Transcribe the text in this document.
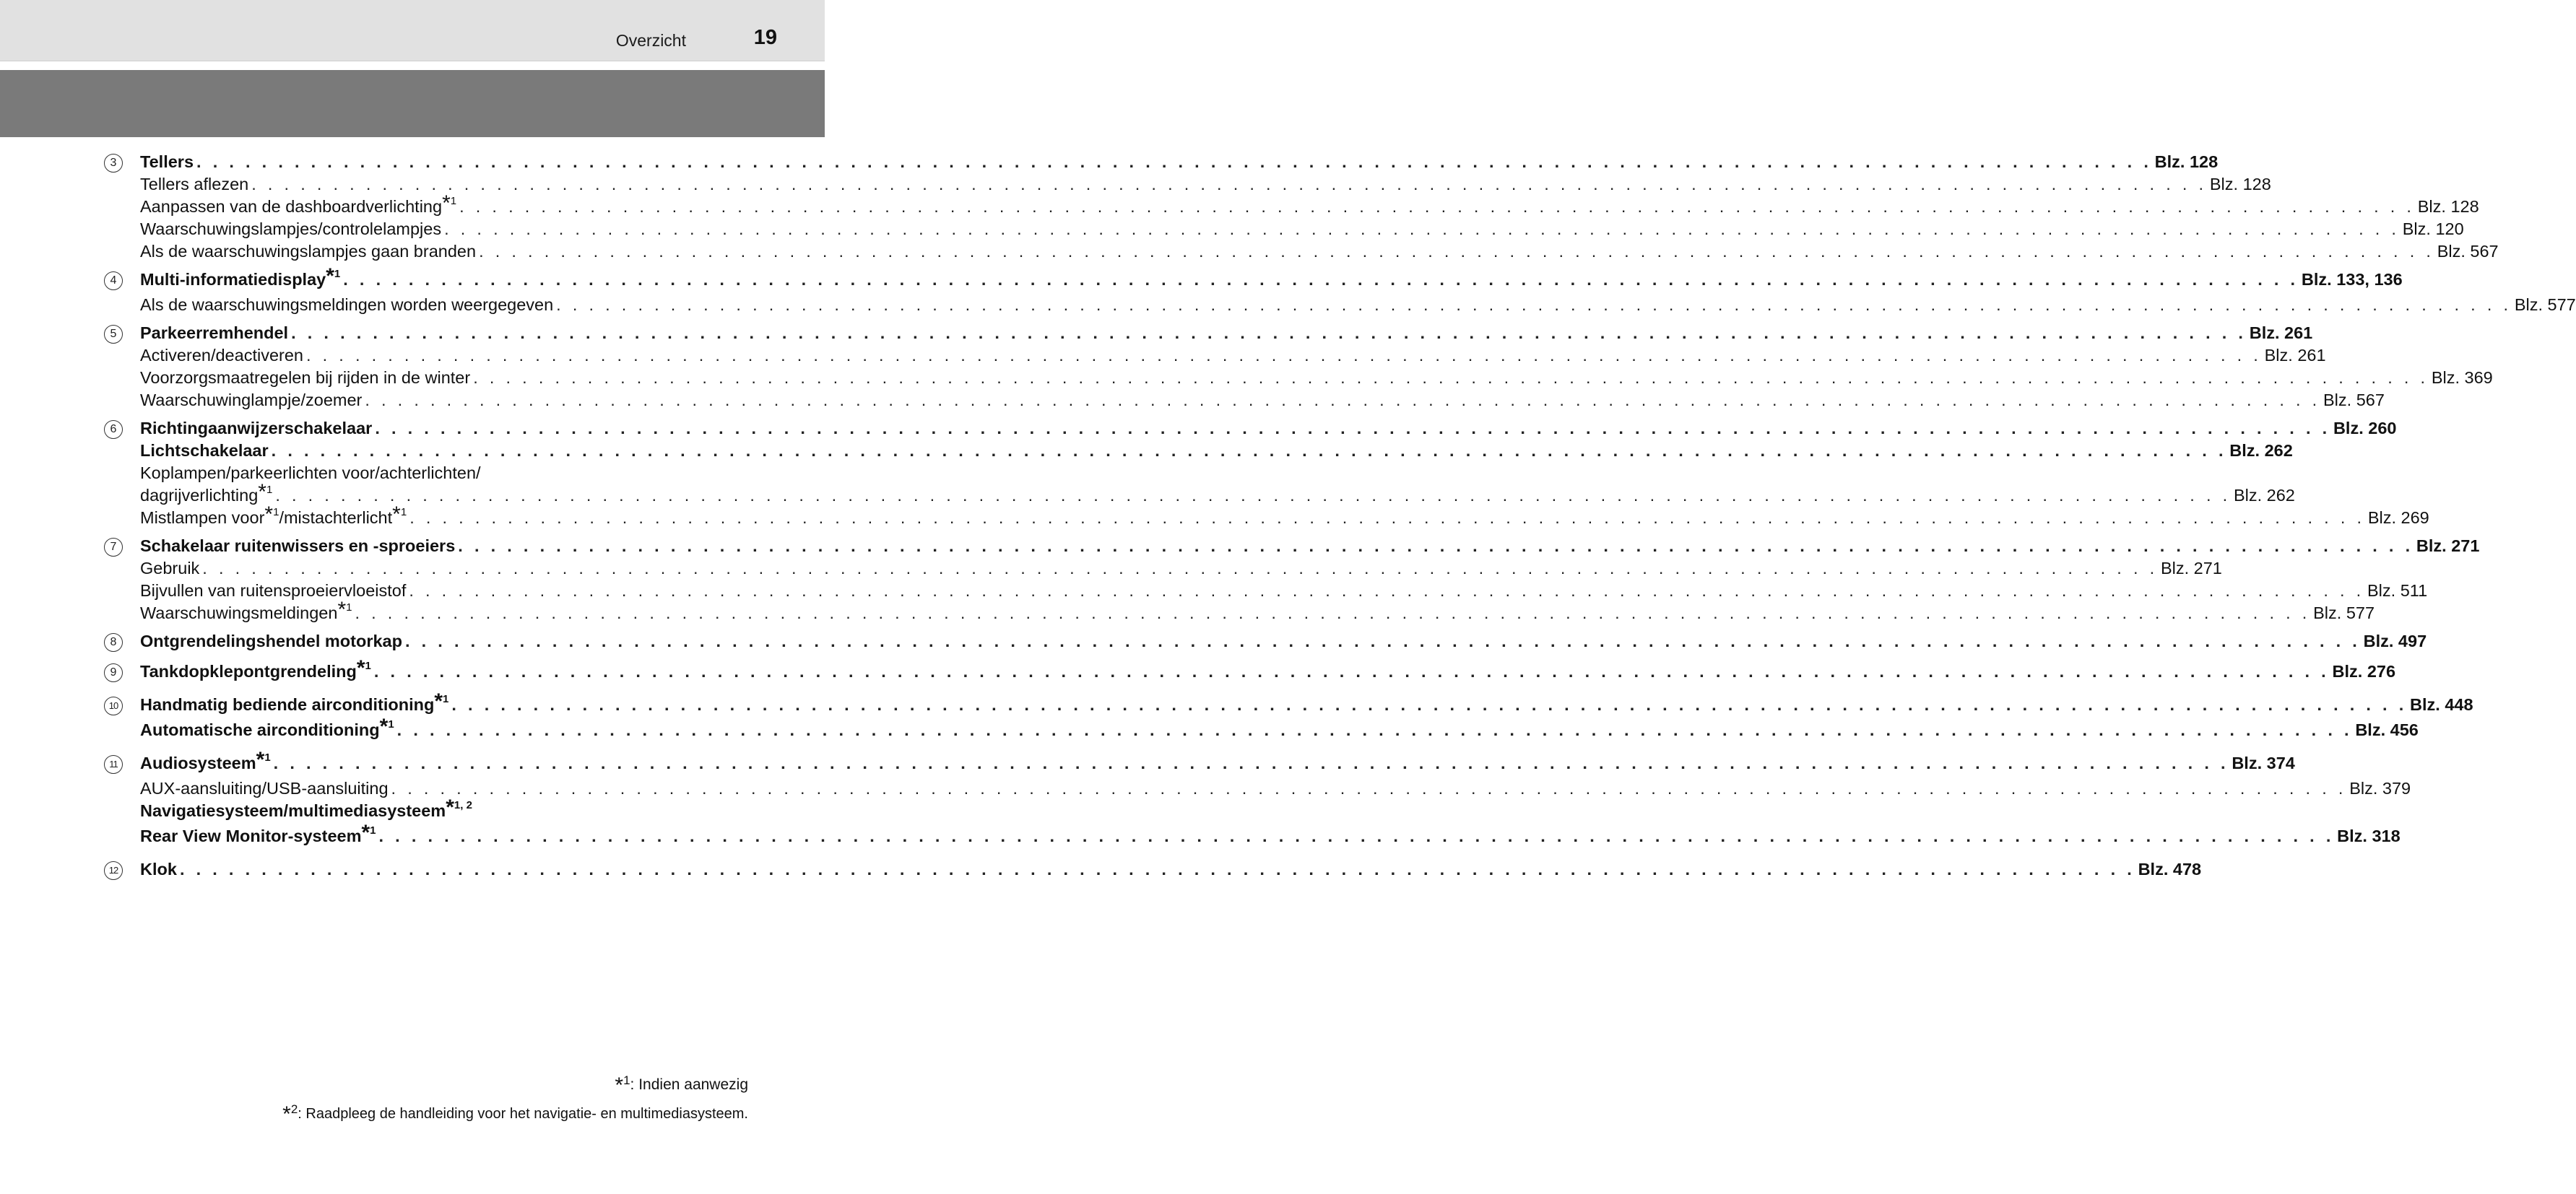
Overzicht	19
3	Tellers . . . . . . . . . . . . . . . . . . . . . . . . . . . . . . . . . . . . . . . . . . . . . . . . . . . . . . . . . . . . . . . . . . . . . . . . . . . . . . . . . . . . . . . . . . . . . . . . . . . . . . . . . . . . . . . . . . . . . . . . Blz. 128
Tellers aflezen . . . . . . . . . . . . . . . . . . . . . . . . . . . . . . . . . . . . . . . . . . . . . . . . . . . . . . . . . . . . . . . . . . . . . . . . . . . . . . . . . . . . . . . . . . . . . . . . . . . . . . . . . . . . . . . . . . . . . . . . Blz. 128
Aanpassen van de dashboardverlichting*$^1$ . . . . . . . . . . . . . . . . . . . . . . . . . . . . . . . . . . . . . . . . . . . . . . . . . . . . . . . . . . . . . . . . . . . . . . . . . . . . . . . . . . . . . . . . . . . . . . . . . . . . . . . . . . . . . . . . . . . . . . . . Blz. 128
Waarschuwingslampjes/controlelampjes . . . . . . . . . . . . . . . . . . . . . . . . . . . . . . . . . . . . . . . . . . . . . . . . . . . . . . . . . . . . . . . . . . . . . . . . . . . . . . . . . . . . . . . . . . . . . . . . . . . . . . . . . . . . . . . . . . . . . . . . Blz. 120
Als de waarschuwingslampjes gaan branden . . . . . . . . . . . . . . . . . . . . . . . . . . . . . . . . . . . . . . . . . . . . . . . . . . . . . . . . . . . . . . . . . . . . . . . . . . . . . . . . . . . . . . . . . . . . . . . . . . . . . . . . . . . . . . . . . . . . . . . . Blz. 567
4	Multi-informatiedisplay*$^1$ . . . . . . . . . . . . . . . . . . . . . . . . . . . . . . . . . . . . . . . . . . . . . . . . . . . . . . . . . . . . . . . . . . . . . . . . . . . . . . . . . . . . . . . . . . . . . . . . . . . . . . . . . . . . . . . . . . . . . . . . Blz. 133, 136
Als de waarschuwingsmeldingen worden weergegeven . . . . . . . . . . . . . . . . . . . . . . . . . . . . . . . . . . . . . . . . . . . . . . . . . . . . . . . . . . . . . . . . . . . . . . . . . . . . . . . . . . . . . . . . . . . . . . . . . . . . . . . . . . . . . . . . . . . . . . . . Blz. 577
5	Parkeerremhendel . . . . . . . . . . . . . . . . . . . . . . . . . . . . . . . . . . . . . . . . . . . . . . . . . . . . . . . . . . . . . . . . . . . . . . . . . . . . . . . . . . . . . . . . . . . . . . . . . . . . . . . . . . . . . . . . . . . . . . . . Blz. 261
Activeren/deactiveren . . . . . . . . . . . . . . . . . . . . . . . . . . . . . . . . . . . . . . . . . . . . . . . . . . . . . . . . . . . . . . . . . . . . . . . . . . . . . . . . . . . . . . . . . . . . . . . . . . . . . . . . . . . . . . . . . . . . . . . . Blz. 261
Voorzorgsmaatregelen bij rijden in de winter . . . . . . . . . . . . . . . . . . . . . . . . . . . . . . . . . . . . . . . . . . . . . . . . . . . . . . . . . . . . . . . . . . . . . . . . . . . . . . . . . . . . . . . . . . . . . . . . . . . . . . . . . . . . . . . . . . . . . . . . Blz. 369
Waarschuwinglampje/zoemer . . . . . . . . . . . . . . . . . . . . . . . . . . . . . . . . . . . . . . . . . . . . . . . . . . . . . . . . . . . . . . . . . . . . . . . . . . . . . . . . . . . . . . . . . . . . . . . . . . . . . . . . . . . . . . . . . . . . . . . . Blz. 567
6	Richtingaanwijzerschakelaar . . . . . . . . . . . . . . . . . . . . . . . . . . . . . . . . . . . . . . . . . . . . . . . . . . . . . . . . . . . . . . . . . . . . . . . . . . . . . . . . . . . . . . . . . . . . . . . . . . . . . . . . . . . . . . . . . . . . . . . . Blz. 260
Lichtschakelaar . . . . . . . . . . . . . . . . . . . . . . . . . . . . . . . . . . . . . . . . . . . . . . . . . . . . . . . . . . . . . . . . . . . . . . . . . . . . . . . . . . . . . . . . . . . . . . . . . . . . . . . . . . . . . . . . . . . . . . . . Blz. 262
Koplampen/parkeerlichten voor/achterlichten/
dagrijverlichting*$^1$ . . . . . . . . . . . . . . . . . . . . . . . . . . . . . . . . . . . . . . . . . . . . . . . . . . . . . . . . . . . . . . . . . . . . . . . . . . . . . . . . . . . . . . . . . . . . . . . . . . . . . . . . . . . . . . . . . . . . . . . . Blz. 262
Mistlampen voor*$^1$/mistachterlicht*$^1$ . . . . . . . . . . . . . . . . . . . . . . . . . . . . . . . . . . . . . . . . . . . . . . . . . . . . . . . . . . . . . . . . . . . . . . . . . . . . . . . . . . . . . . . . . . . . . . . . . . . . . . . . . . . . . . . . . . . . . . . . Blz. 269
7	Schakelaar ruitenwissers en -sproeiers . . . . . . . . . . . . . . . . . . . . . . . . . . . . . . . . . . . . . . . . . . . . . . . . . . . . . . . . . . . . . . . . . . . . . . . . . . . . . . . . . . . . . . . . . . . . . . . . . . . . . . . . . . . . . . . . . . . . . . . . Blz. 271
Gebruik . . . . . . . . . . . . . . . . . . . . . . . . . . . . . . . . . . . . . . . . . . . . . . . . . . . . . . . . . . . . . . . . . . . . . . . . . . . . . . . . . . . . . . . . . . . . . . . . . . . . . . . . . . . . . . . . . . . . . . . . Blz. 271
Bijvullen van ruitensproeiervloeistof . . . . . . . . . . . . . . . . . . . . . . . . . . . . . . . . . . . . . . . . . . . . . . . . . . . . . . . . . . . . . . . . . . . . . . . . . . . . . . . . . . . . . . . . . . . . . . . . . . . . . . . . . . . . . . . . . . . . . . . . Blz. 511
Waarschuwingsmeldingen*$^1$ . . . . . . . . . . . . . . . . . . . . . . . . . . . . . . . . . . . . . . . . . . . . . . . . . . . . . . . . . . . . . . . . . . . . . . . . . . . . . . . . . . . . . . . . . . . . . . . . . . . . . . . . . . . . . . . . . . . . . . . . Blz. 577
8	Ontgrendelingshendel motorkap . . . . . . . . . . . . . . . . . . . . . . . . . . . . . . . . . . . . . . . . . . . . . . . . . . . . . . . . . . . . . . . . . . . . . . . . . . . . . . . . . . . . . . . . . . . . . . . . . . . . . . . . . . . . . . . . . . . . . . . . Blz. 497
9	Tankdopklepontgrendeling*$^1$ . . . . . . . . . . . . . . . . . . . . . . . . . . . . . . . . . . . . . . . . . . . . . . . . . . . . . . . . . . . . . . . . . . . . . . . . . . . . . . . . . . . . . . . . . . . . . . . . . . . . . . . . . . . . . . . . . . . . . . . . Blz. 276
10 Handmatig bediende airconditioning*$^1$ . . . . . . . . . . . . . . . . . . . . . . . . . . . . . . . . . . . . . . . . . . . . . . . . . . . . . . . . . . . . . . . . . . . . . . . . . . . . . . . . . . . . . . . . . . . . . . . . . . . . . . . . . . . . . . . . . . . . . . . . Blz. 448
Automatische airconditioning*$^1$ . . . . . . . . . . . . . . . . . . . . . . . . . . . . . . . . . . . . . . . . . . . . . . . . . . . . . . . . . . . . . . . . . . . . . . . . . . . . . . . . . . . . . . . . . . . . . . . . . . . . . . . . . . . . . . . . . . . . . . . . Blz. 456
11	Audiosysteem*$^1$ . . . . . . . . . . . . . . . . . . . . . . . . . . . . . . . . . . . . . . . . . . . . . . . . . . . . . . . . . . . . . . . . . . . . . . . . . . . . . . . . . . . . . . . . . . . . . . . . . . . . . . . . . . . . . . . . . . . . . . . . Blz. 374
AUX-aansluiting/USB-aansluiting . . . . . . . . . . . . . . . . . . . . . . . . . . . . . . . . . . . . . . . . . . . . . . . . . . . . . . . . . . . . . . . . . . . . . . . . . . . . . . . . . . . . . . . . . . . . . . . . . . . . . . . . . . . . . . . . . . . . . . . . Blz. 379
Navigatiesysteem/multimediasysteem*$^{1, 2}$
Rear View Monitor-systeem*$^1$ . . . . . . . . . . . . . . . . . . . . . . . . . . . . . . . . . . . . . . . . . . . . . . . . . . . . . . . . . . . . . . . . . . . . . . . . . . . . . . . . . . . . . . . . . . . . . . . . . . . . . . . . . . . . . . . . . . . . . . . . Blz. 318
12 Klok . . . . . . . . . . . . . . . . . . . . . . . . . . . . . . . . . . . . . . . . . . . . . . . . . . . . . . . . . . . . . . . . . . . . . . . . . . . . . . . . . . . . . . . . . . . . . . . . . . . . . . . . . . . . . . . . . . . . . . . . Blz. 478
*$^1$: Indien aanwezig
*$^2$: Raadpleeg de handleiding voor het navigatie- en multimediasysteem.
